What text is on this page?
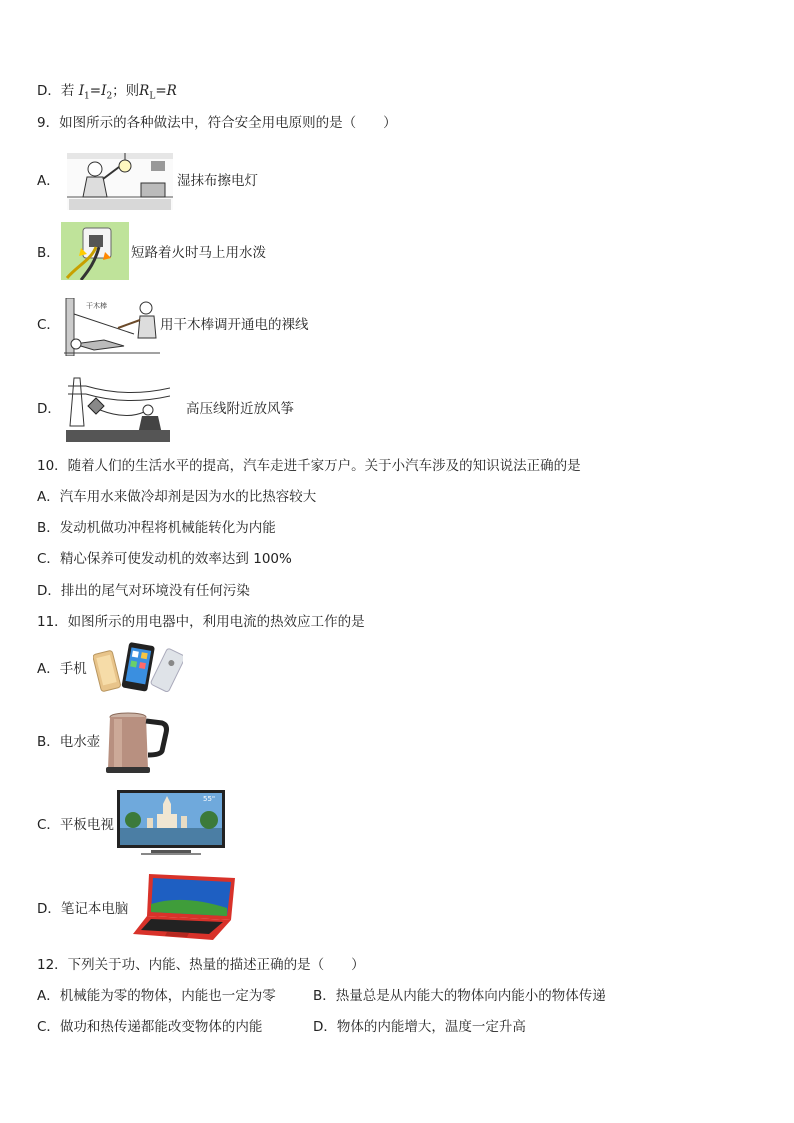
D．若 $I_1=I_2$；则$R_L=R$
9．如图所示的各种做法中，符合安全用电原则的是（　　）
A．	湿抹布擦电灯
B．	短路着火时马上用水泼
C．
干木棒
用干木棒调开通电的裸线
D．	高压线附近放风筝
10．随着人们的生活水平的提高，汽车走进千家万户。关于小汽车涉及的知识说法正确的是
A．汽车用水来做冷却剂是因为水的比热容较大
B．发动机做功冲程将机械能转化为内能
C．精心保养可使发动机的效率达到 100%
D．排出的尾气对环境没有任何污染
11．如图所示的用电器中，利用电流的热效应工作的是
A．手机
B．电水壶
C．平板电视
55"
D．笔记本电脑
12．下列关于功、内能、热量的描述正确的是（　　）
A．机械能为零的物体，内能也一定为零	B．热量总是从内能大的物体向内能小的物体传递
C．做功和热传递都能改变物体的内能	D．物体的内能增大，温度一定升高
